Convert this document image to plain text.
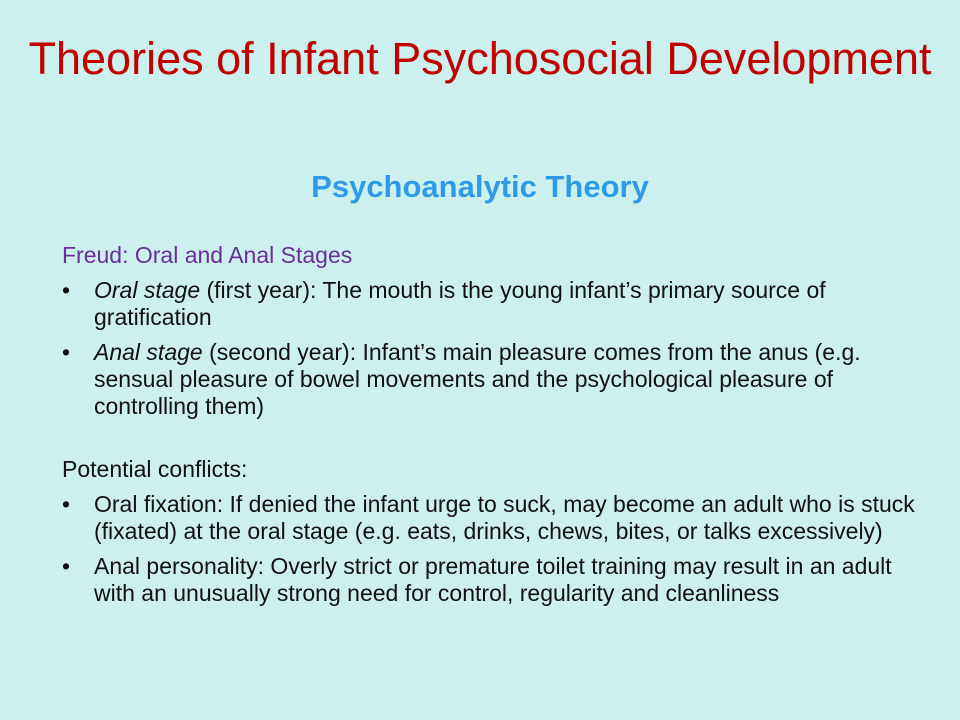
Theories of Infant Psychosocial Development
Psychoanalytic Theory

Freud: Oral and Anal Stages

• Oral stage (first year): The mouth is the young infant’s primary source of gratification
• Anal stage (second year): Infant’s main pleasure comes from the anus (e.g. sensual pleasure of bowel movements and the psychological pleasure of controlling them)

Potential conflicts:

• Oral fixation: If denied the infant urge to suck, may become an adult who is stuck (fixated) at the oral stage (e.g. eats, drinks, chews, bites, or talks excessively)
• Anal personality: Overly strict or premature toilet training may result in an adult with an unusually strong need for control, regularity and cleanliness
